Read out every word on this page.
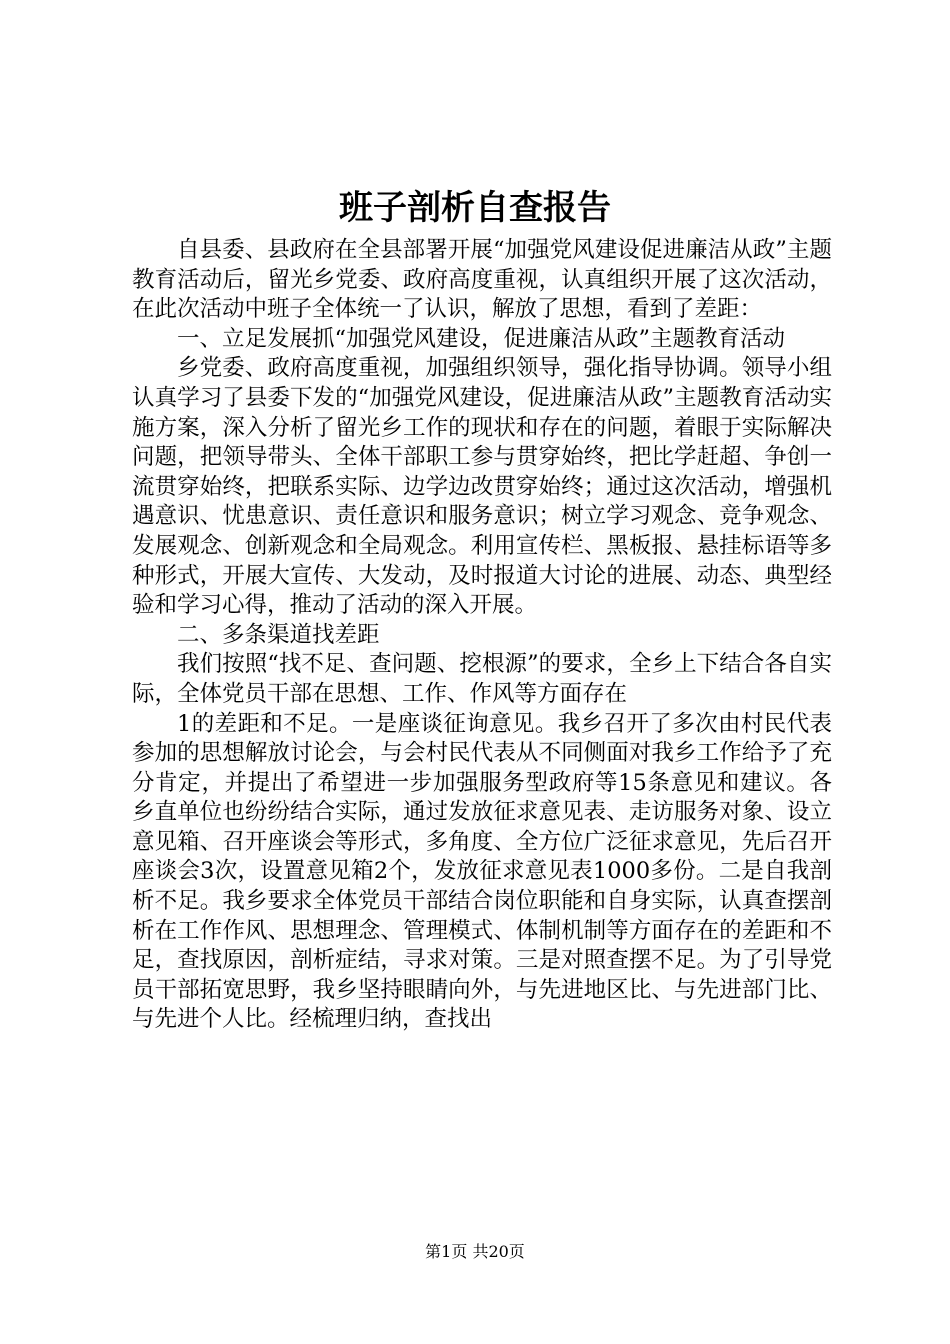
班子剖析自查报告

自县委、县政府在全县部署开展“加强党风建设促进廉洁从政”主题教育活动后，留光乡党委、政府高度重视，认真组织开展了这次活动，在此次活动中班子全体统一了认识，解放了思想，看到了差距：

一、立足发展抓“加强党风建设，促进廉洁从政”主题教育活动

乡党委、政府高度重视，加强组织领导，强化指导协调。领导小组认真学习了县委下发的“加强党风建设，促进廉洁从政”主题教育活动实施方案，深入分析了留光乡工作的现状和存在的问题，着眼于实际解决问题，把领导带头、全体干部职工参与贯穿始终，把比学赶超、争创一流贯穿始终，把联系实际、边学边改贯穿始终；通过这次活动，增强机遇意识、忧患意识、责任意识和服务意识；树立学习观念、竞争观念、发展观念、创新观念和全局观念。利用宣传栏、黑板报、悬挂标语等多种形式，开展大宣传、大发动，及时报道大讨论的进展、动态、典型经验和学习心得，推动了活动的深入开展。

二、多条渠道找差距

我们按照“找不足、查问题、挖根源”的要求，全乡上下结合各自实际，全体党员干部在思想、工作、作风等方面存在

1的差距和不足。一是座谈征询意见。我乡召开了多次由村民代表参加的思想解放讨论会，与会村民代表从不同侧面对我乡工作给予了充分肯定，并提出了希望进一步加强服务型政府等15条意见和建议。各乡直单位也纷纷结合实际，通过发放征求意见表、走访服务对象、设立意见箱、召开座谈会等形式，多角度、全方位广泛征求意见，先后召开座谈会3次，设置意见箱2个，发放征求意见表1000多份。二是自我剖析不足。我乡要求全体党员干部结合岗位职能和自身实际，认真查摆剖析在工作作风、思想理念、管理模式、体制机制等方面存在的差距和不足，查找原因，剖析症结，寻求对策。三是对照查摆不足。为了引导党员干部拓宽思野，我乡坚持眼睛向外，与先进地区比、与先进部门比、与先进个人比。经梳理归纳，查找出

第1页 共20页
